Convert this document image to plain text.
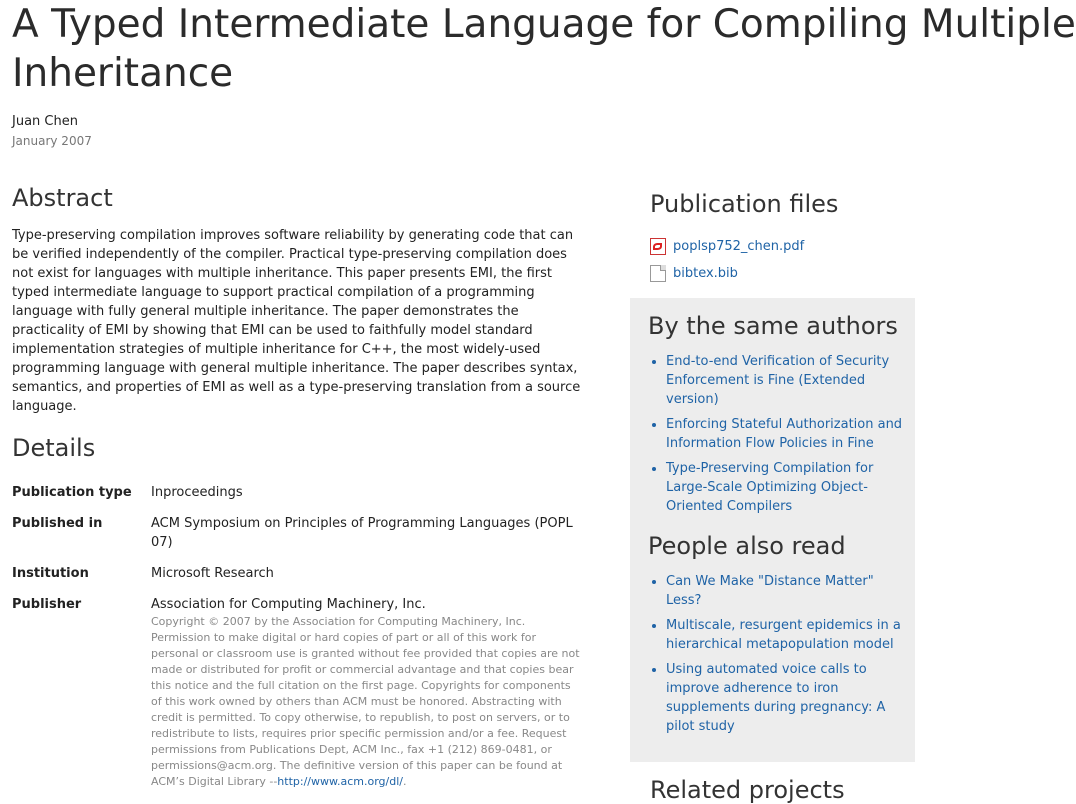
A Typed Intermediate Language for Compiling Multiple
Inheritance
Juan Chen
January 2007
Abstract

Type-preserving compilation improves software reliability by generating code that can be verified independently of the compiler. Practical type-preserving compilation does not exist for languages with multiple inheritance. This paper presents EMI, the first typed intermediate language to support practical compilation of a programming language with fully general multiple inheritance. The paper demonstrates the practicality of EMI by showing that EMI can be used to faithfully model standard implementation strategies of multiple inheritance for C++, the most widely-used programming language with general multiple inheritance. The paper describes syntax, semantics, and properties of EMI as well as a type-preserving translation from a source language.

Details
Publication type	Inproceedings
Published in	ACM Symposium on Principles of Programming Languages (POPL 07)
Institution	Microsoft Research
Publisher	Association for Computing Machinery, Inc.
Copyright © 2007 by the Association for Computing Machinery, Inc. Permission to make digital or hard copies of part or all of this work for personal or classroom use is granted without fee provided that copies are not made or distributed for profit or commercial advantage and that copies bear this notice and the full citation on the first page. Copyrights for components of this work owned by others than ACM must be honored. Abstracting with credit is permitted. To copy otherwise, to republish, to post on servers, or to redistribute to lists, requires prior specific permission and/or a fee. Request permissions from Publications Dept, ACM Inc., fax +1 (212) 869-0481, or permissions@acm.org. The definitive version of this paper can be found at ACM’s Digital Library --http://www.acm.org/dl/.
Publication files
poplsp752_chen.pdf
bibtex.bib
By the same authors
• End-to-end Verification of Security Enforcement is Fine (Extended version)
• Enforcing Stateful Authorization and Information Flow Policies in Fine
• Type-Preserving Compilation for Large-Scale Optimizing Object-Oriented Compilers
People also read
• Can We Make "Distance Matter" Less?
• Multiscale, resurgent epidemics in a hierarchical metapopulation model
• Using automated voice calls to improve adherence to iron supplements during pregnancy: A pilot study
Related projects
